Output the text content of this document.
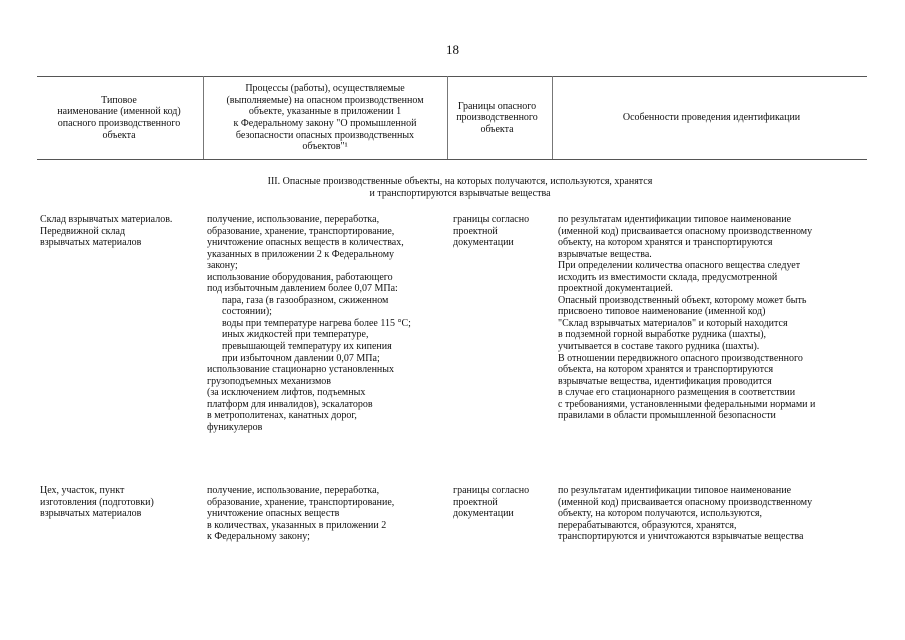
18
Типовое
наименование (именной код)
опасного производственного
объекта
Процессы (работы), осуществляемые
(выполняемые) на опасном производственном
объекте, указанные в приложении 1
к Федеральному закону "О промышленной
безопасности опасных производственных
объектов"¹
Границы опасного
производственного
объекта
Особенности проведения идентификации
III. Опасные производственные объекты, на которых получаются, используются, хранятся
и транспортируются взрывчатые вещества
Склад взрывчатых материалов.
Передвижной склад
взрывчатых материалов
получение, использование, переработка,
образование, хранение, транспортирование,
уничтожение опасных веществ в количествах,
указанных в приложении 2 к Федеральному
закону;
использование оборудования, работающего
под избыточным давлением более 0,07 МПа:
пара, газа (в газообразном, сжиженном
состоянии);
воды при температуре нагрева более 115 °С;
иных жидкостей при температуре,
превышающей температуру их кипения
при избыточном давлении 0,07 МПа;
использование стационарно установленных
грузоподъемных механизмов
(за исключением лифтов, подъемных
платформ для инвалидов), эскалаторов
в метрополитенах, канатных дорог,
фуникулеров
границы согласно
проектной
документации
по результатам идентификации типовое наименование
(именной код) присваивается опасному производственному
объекту, на котором хранятся и транспортируются
взрывчатые вещества.
При определении количества опасного вещества следует
исходить из вместимости склада, предусмотренной
проектной документацией.
Опасный производственный объект, которому может быть
присвоено типовое наименование (именной код)
"Склад взрывчатых материалов" и который находится
в подземной горной выработке рудника (шахты),
учитывается в составе такого рудника (шахты).
В отношении передвижного опасного производственного
объекта, на котором хранятся и транспортируются
взрывчатые вещества, идентификация проводится
в случае его стационарного размещения в соответствии
с требованиями, установленными федеральными нормами и
правилами в области промышленной безопасности
Цех, участок, пункт
изготовления (подготовки)
взрывчатых материалов
получение, использование, переработка,
образование, хранение, транспортирование,
уничтожение опасных веществ
в количествах, указанных в приложении 2
к Федеральному закону;
границы согласно
проектной
документации
по результатам идентификации типовое наименование
(именной код) присваивается опасному производственному
объекту, на котором получаются, используются,
перерабатываются, образуются, хранятся,
транспортируются и уничтожаются взрывчатые вещества
